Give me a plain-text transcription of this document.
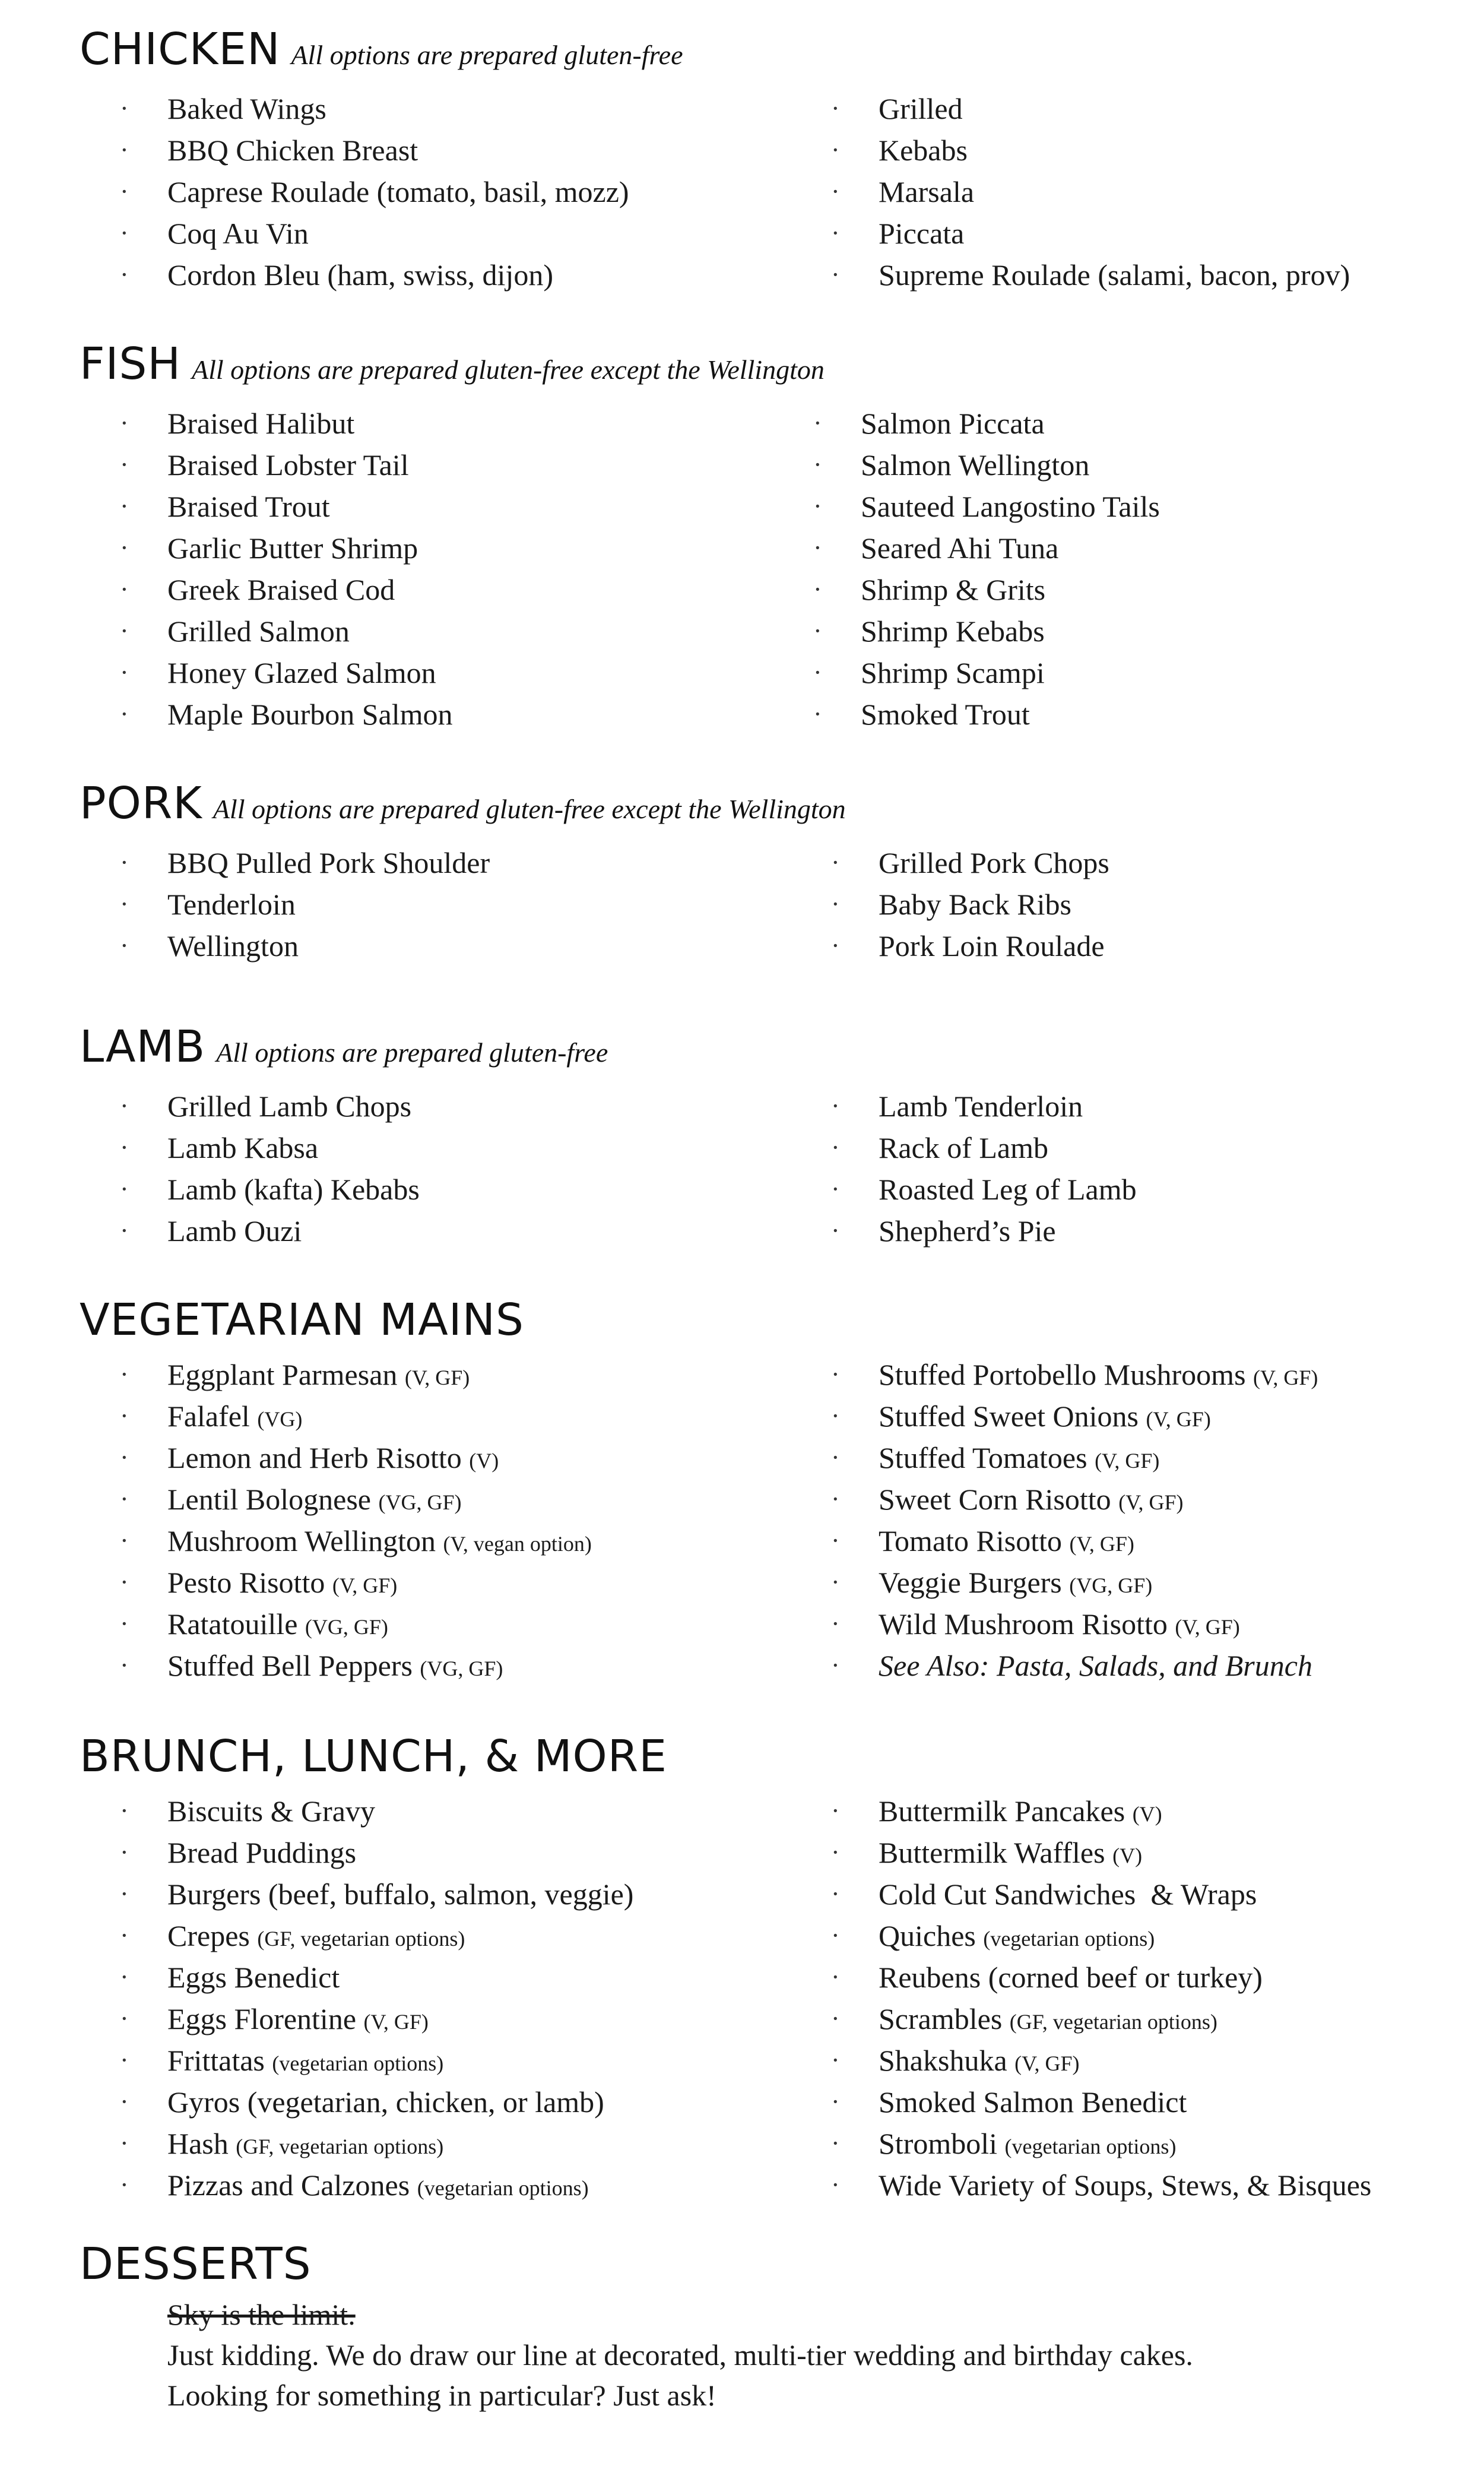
CHICKEN All options are prepared gluten-free
· Baked Wings
· BBQ Chicken Breast
· Caprese Roulade (tomato, basil, mozz)
· Coq Au Vin
· Cordon Bleu (ham, swiss, dijon)
· Grilled
· Kebabs
· Marsala
· Piccata
· Supreme Roulade (salami, bacon, prov)
FISH All options are prepared gluten-free except the Wellington
· Braised Halibut
· Braised Lobster Tail
· Braised Trout
· Garlic Butter Shrimp
· Greek Braised Cod
· Grilled Salmon
· Honey Glazed Salmon
· Maple Bourbon Salmon
· Salmon Piccata
· Salmon Wellington
· Sauteed Langostino Tails
· Seared Ahi Tuna
· Shrimp & Grits
· Shrimp Kebabs
· Shrimp Scampi
· Smoked Trout
PORK All options are prepared gluten-free except the Wellington
· BBQ Pulled Pork Shoulder
· Tenderloin
· Wellington
· Grilled Pork Chops
· Baby Back Ribs
· Pork Loin Roulade
LAMB All options are prepared gluten-free
· Grilled Lamb Chops
· Lamb Kabsa
· Lamb (kafta) Kebabs
· Lamb Ouzi
· Lamb Tenderloin
· Rack of Lamb
· Roasted Leg of Lamb
· Shepherd’s Pie
VEGETARIAN MAINS
· Eggplant Parmesan (V, GF)
· Falafel (VG)
· Lemon and Herb Risotto (V)
· Lentil Bolognese (VG, GF)
· Mushroom Wellington (V, vegan option)
· Pesto Risotto (V, GF)
· Ratatouille (VG, GF)
· Stuffed Bell Peppers (VG, GF)
· Stuffed Portobello Mushrooms (V, GF)
· Stuffed Sweet Onions (V, GF)
· Stuffed Tomatoes (V, GF)
· Sweet Corn Risotto (V, GF)
· Tomato Risotto (V, GF)
· Veggie Burgers (VG, GF)
· Wild Mushroom Risotto (V, GF)
· See Also: Pasta, Salads, and Brunch
BRUNCH, LUNCH, & MORE
· Biscuits & Gravy
· Bread Puddings
· Burgers (beef, buffalo, salmon, veggie)
· Crepes (GF, vegetarian options)
· Eggs Benedict
· Eggs Florentine (V, GF)
· Frittatas (vegetarian options)
· Gyros (vegetarian, chicken, or lamb)
· Hash (GF, vegetarian options)
· Pizzas and Calzones (vegetarian options)
· Buttermilk Pancakes (V)
· Buttermilk Waffles (V)
· Cold Cut Sandwiches  & Wraps
· Quiches (vegetarian options)
· Reubens (corned beef or turkey)
· Scrambles (GF, vegetarian options)
· Shakshuka (V, GF)
· Smoked Salmon Benedict
· Stromboli (vegetarian options)
· Wide Variety of Soups, Stews, & Bisques
DESSERTS
Sky is the limit.
Just kidding. We do draw our line at decorated, multi-tier wedding and birthday cakes.
Looking for something in particular? Just ask!
